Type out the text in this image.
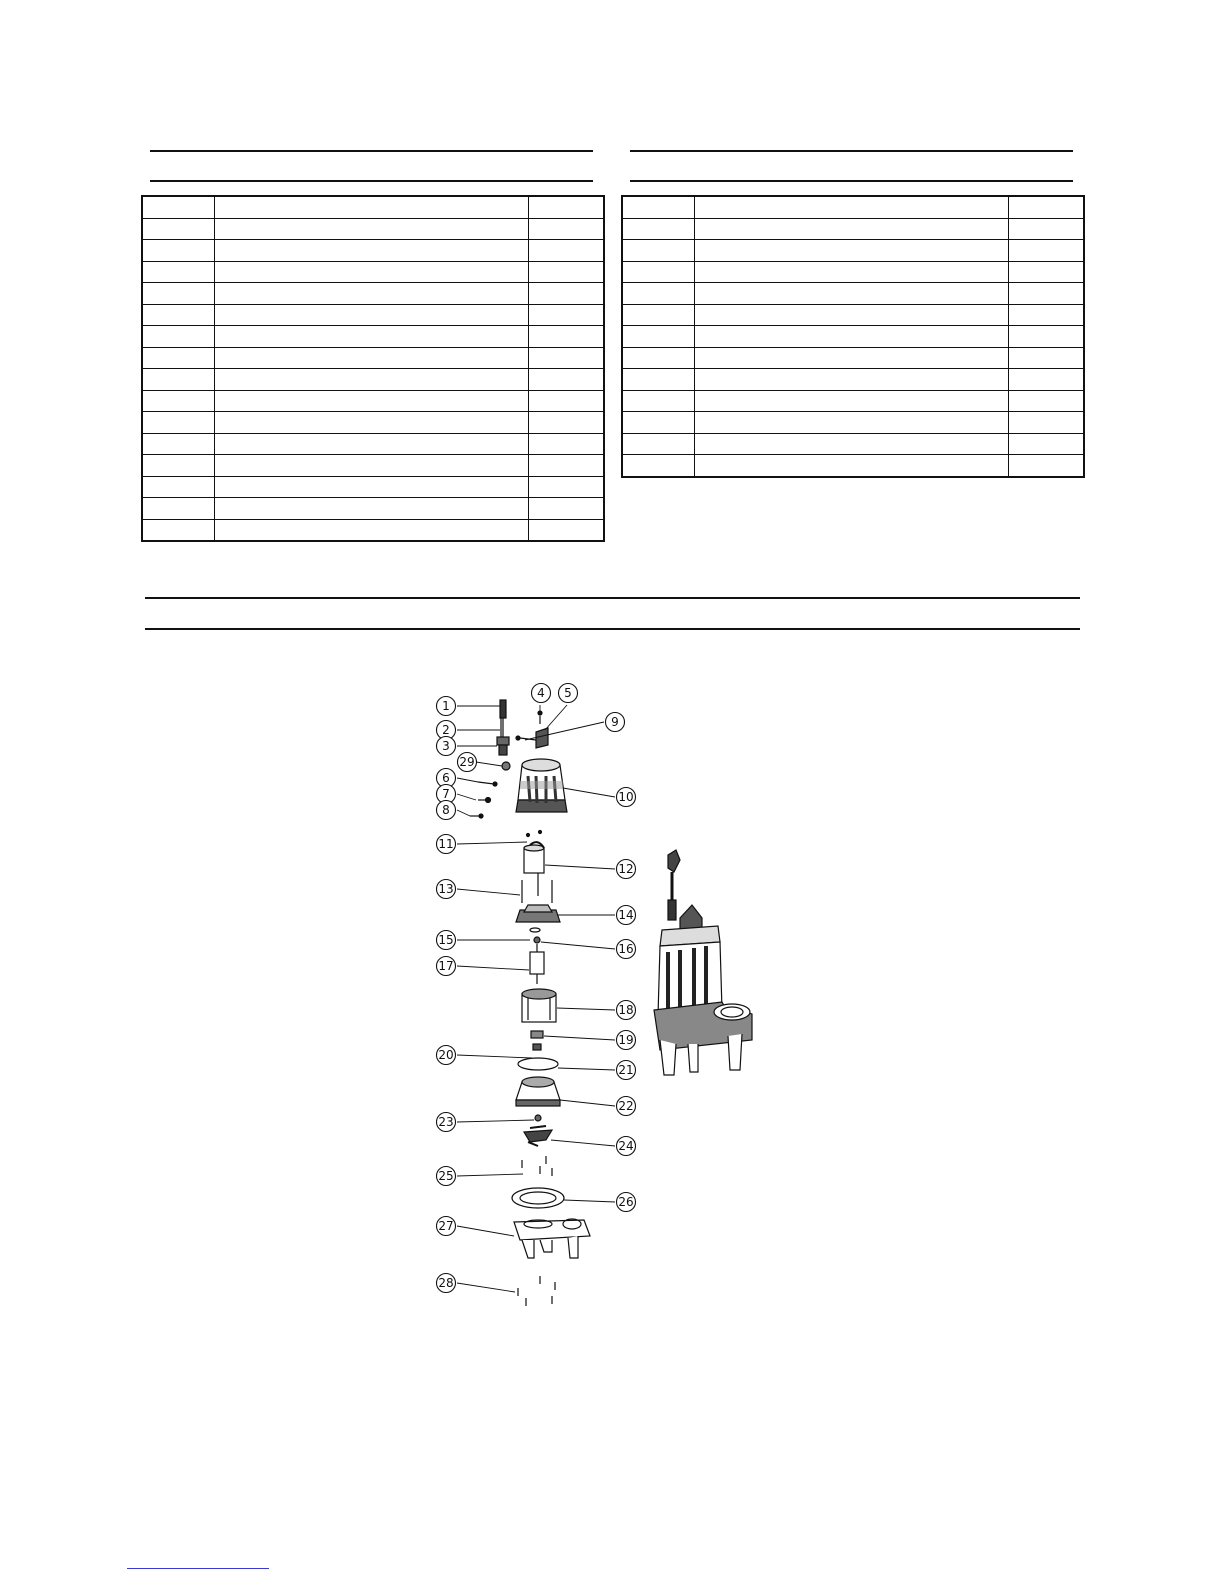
1
2
3
4 5
6
7
8
9
10
11
12
13
14
15
16
17
18
19
20
21
22
23
24
25
26
27
28
29
